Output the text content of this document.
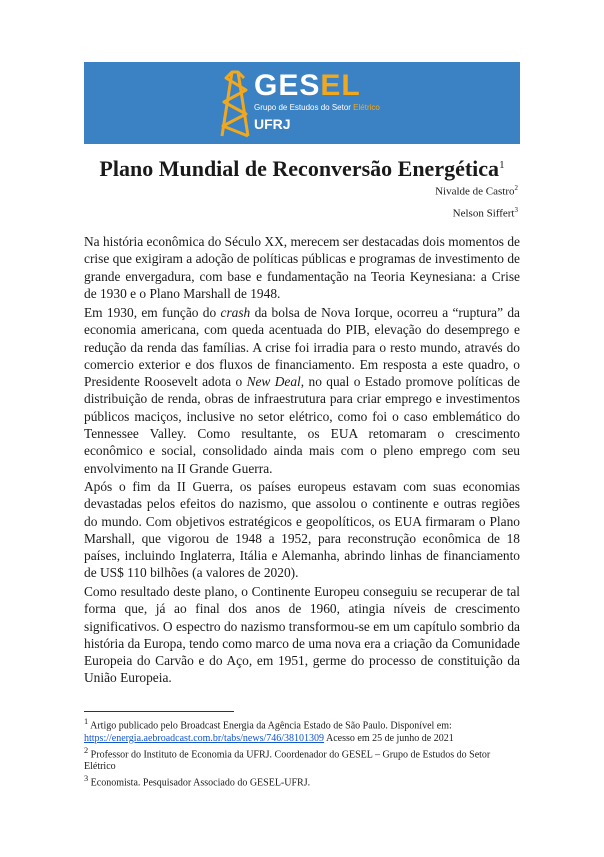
GESEL
Grupo de Estudos do Setor Elétrico
UFRJ
Plano Mundial de Reconversão Energética$^1$
Nivalde de Castro$^2$
Nelson Siffert$^3$

Na história econômica do Século XX, merecem ser destacadas dois momentos de crise que exigiram a adoção de políticas públicas e programas de investimento de grande envergadura, com base e fundamentação na Teoria Keynesiana: a Crise de 1930 e o Plano Marshall de 1948.

Em 1930, em função do crash da bolsa de Nova Iorque, ocorreu a “ruptura” da economia americana, com queda acentuada do PIB, elevação do desemprego e redução da renda das famílias. A crise foi irradia para o resto mundo, através do comercio exterior e dos fluxos de financiamento. Em resposta a este quadro, o Presidente Roosevelt adota o New Deal, no qual o Estado promove políticas de distribuição de renda, obras de infraestrutura para criar emprego e investimentos públicos maciços, inclusive no setor elétrico, como foi o caso emblemático do Tennessee Valley. Como resultante, os EUA retomaram o crescimento econômico e social, consolidado ainda mais com o pleno emprego com seu envolvimento na II Grande Guerra.

Após o fim da II Guerra, os países europeus estavam com suas economias devastadas pelos efeitos do nazismo, que assolou o continente e outras regiões do mundo. Com objetivos estratégicos e geopolíticos, os EUA firmaram o Plano Marshall, que vigorou de 1948 a 1952, para reconstrução econômica de 18 países, incluindo Inglaterra, Itália e Alemanha, abrindo linhas de financiamento de US$ 110 bilhões (a valores de 2020).

Como resultado deste plano, o Continente Europeu conseguiu se recuperar de tal forma que, já ao final dos anos de 1960, atingia níveis de crescimento significativos. O espectro do nazismo transformou-se em um capítulo sombrio da história da Europa, tendo como marco de uma nova era a criação da Comunidade Europeia do Carvão e do Aço, em 1951, germe do processo de constituição da União Europeia.

$^1$ Artigo publicado pelo Broadcast Energia da Agência Estado de São Paulo. Disponível em: https://energia.aebroadcast.com.br/tabs/news/746/38101309 Acesso em 25 de junho de 2021

$^2$ Professor do Instituto de Economia da UFRJ. Coordenador do GESEL – Grupo de Estudos do Setor Elétrico

$^3$ Economista. Pesquisador Associado do GESEL-UFRJ.
